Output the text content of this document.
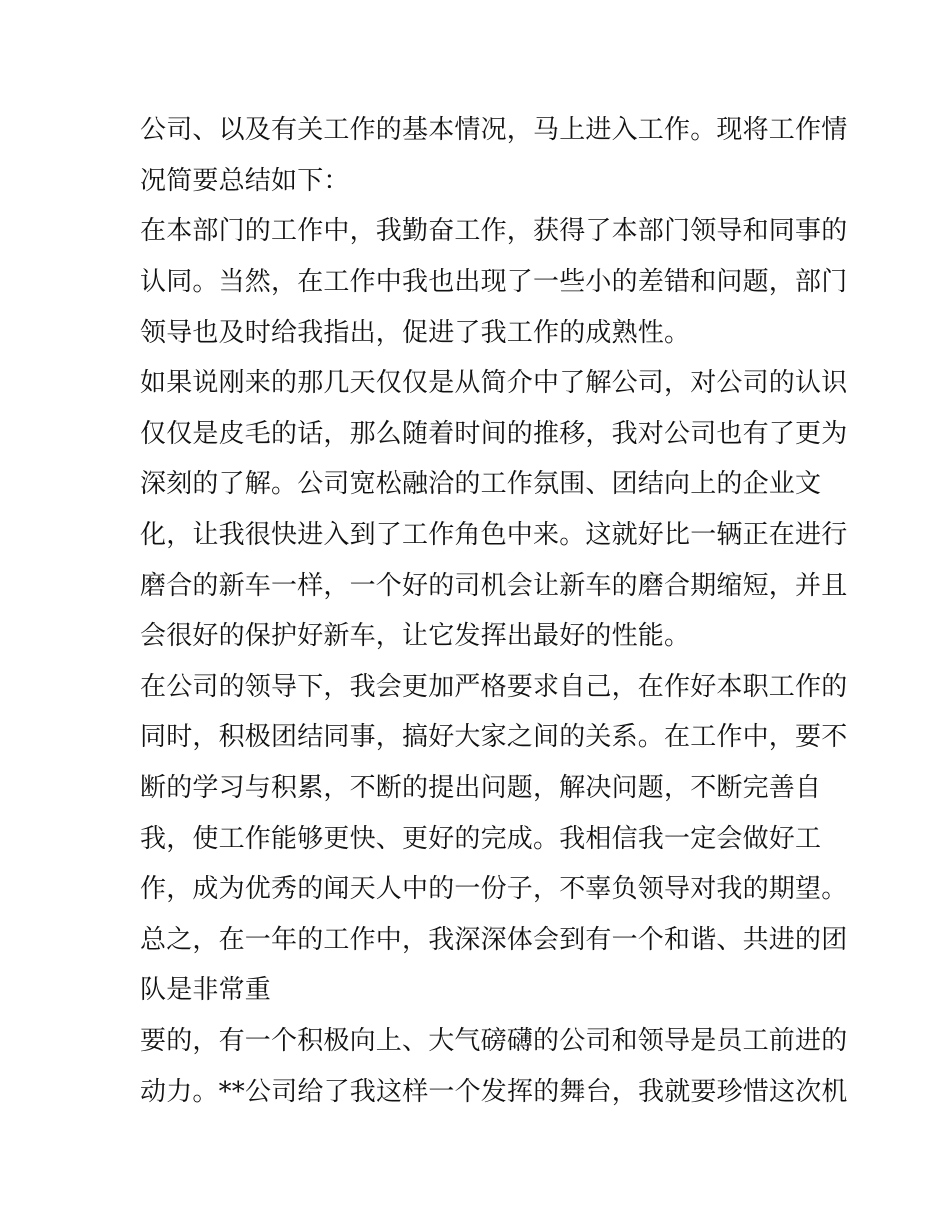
公司、以及有关工作的基本情况，马上进入工作。现将工作情
况简要总结如下：
在本部门的工作中，我勤奋工作，获得了本部门领导和同事的
认同。当然，在工作中我也出现了一些小的差错和问题，部门
领导也及时给我指出，促进了我工作的成熟性。
如果说刚来的那几天仅仅是从简介中了解公司，对公司的认识
仅仅是皮毛的话，那么随着时间的推移，我对公司也有了更为
深刻的了解。公司宽松融洽的工作氛围、团结向上的企业文
化，让我很快进入到了工作角色中来。这就好比一辆正在进行
磨合的新车一样，一个好的司机会让新车的磨合期缩短，并且
会很好的保护好新车，让它发挥出最好的性能。
在公司的领导下，我会更加严格要求自己，在作好本职工作的
同时，积极团结同事，搞好大家之间的关系。在工作中，要不
断的学习与积累，不断的提出问题，解决问题，不断完善自
我，使工作能够更快、更好的完成。我相信我一定会做好工
作，成为优秀的闻天人中的一份子，不辜负领导对我的期望。
总之，在一年的工作中，我深深体会到有一个和谐、共进的团
队是非常重
要的，有一个积极向上、大气磅礴的公司和领导是员工前进的
动力。**公司给了我这样一个发挥的舞台，我就要珍惜这次机
